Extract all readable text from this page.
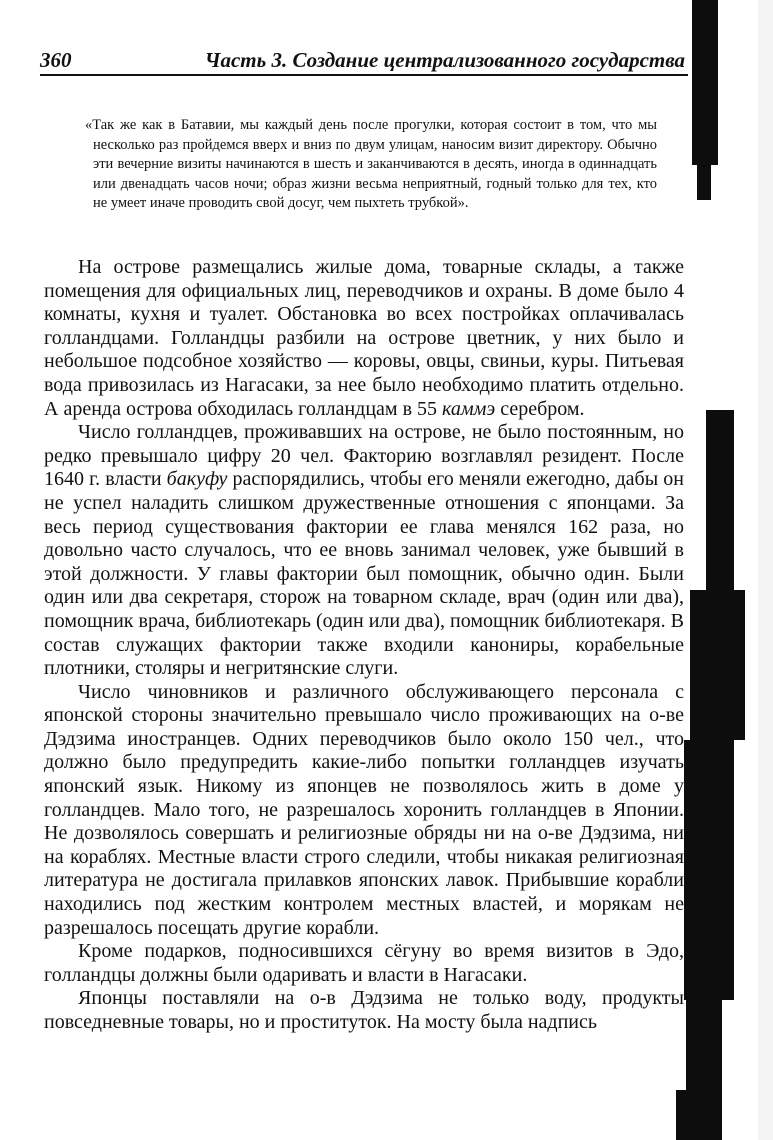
360	Часть 3. Создание централизованного государства

«Так же как в Батавии, мы каждый день после прогулки, которая состоит в том, что мы несколько раз пройдемся вверх и вниз по двум улицам, наносим визит директору. Обычно эти вечерние визиты начинаются в шесть и заканчиваются в десять, иногда в одиннадцать или двенадцать часов ночи; образ жизни весьма неприятный, годный только для тех, кто не умеет иначе проводить свой досуг, чем пыхтеть трубкой».

На острове размещались жилые дома, товарные склады, а также помещения для официальных лиц, переводчиков и охраны. В доме было 4 комнаты, кухня и туалет. Обстановка во всех постройках оплачивалась голландцами. Голландцы разбили на острове цветник, у них было и небольшое подсобное хозяйство — коровы, овцы, свиньи, куры. Питьевая вода привозилась из Нагасаки, за нее было необходимо платить отдельно. А аренда острова обходилась голландцам в 55 каммэ серебром.

Число голландцев, проживавших на острове, не было постоянным, но редко превышало цифру 20 чел. Факторию возглавлял резидент. После 1640 г. власти бакуфу распорядились, чтобы его меняли ежегодно, дабы он не успел наладить слишком дружественные отношения с японцами. За весь период существования фактории ее глава менялся 162 раза, но довольно часто случалось, что ее вновь занимал человек, уже бывший в этой должности. У главы фактории был помощник, обычно один. Были один или два секретаря, сторож на товарном складе, врач (один или два), помощник врача, библиотекарь (один или два), помощник библиотекаря. В состав служащих фактории также входили канониры, корабельные плотники, столяры и негритянские слуги.

Число чиновников и различного обслуживающего персонала с японской стороны значительно превышало число проживающих на о-ве Дэдзима иностранцев. Одних переводчиков было около 150 чел., что должно было предупредить какие-либо попытки голландцев изучать японский язык. Никому из японцев не позволялось жить в доме у голландцев. Мало того, не разрешалось хоронить голландцев в Японии. Не дозволялось совершать и религиозные обряды ни на о-ве Дэдзима, ни на кораблях. Местные власти строго следили, чтобы никакая религиозная литература не достигала прилавков японских лавок. Прибывшие корабли находились под жестким контролем местных властей, и морякам не разрешалось посещать другие корабли.

Кроме подарков, подносившихся сёгуну во время визитов в Эдо, голландцы должны были одаривать и власти в Нагасаки.

Японцы поставляли на о-в Дэдзима не только воду, продукты повседневные товары, но и проституток. На мосту была надпись
